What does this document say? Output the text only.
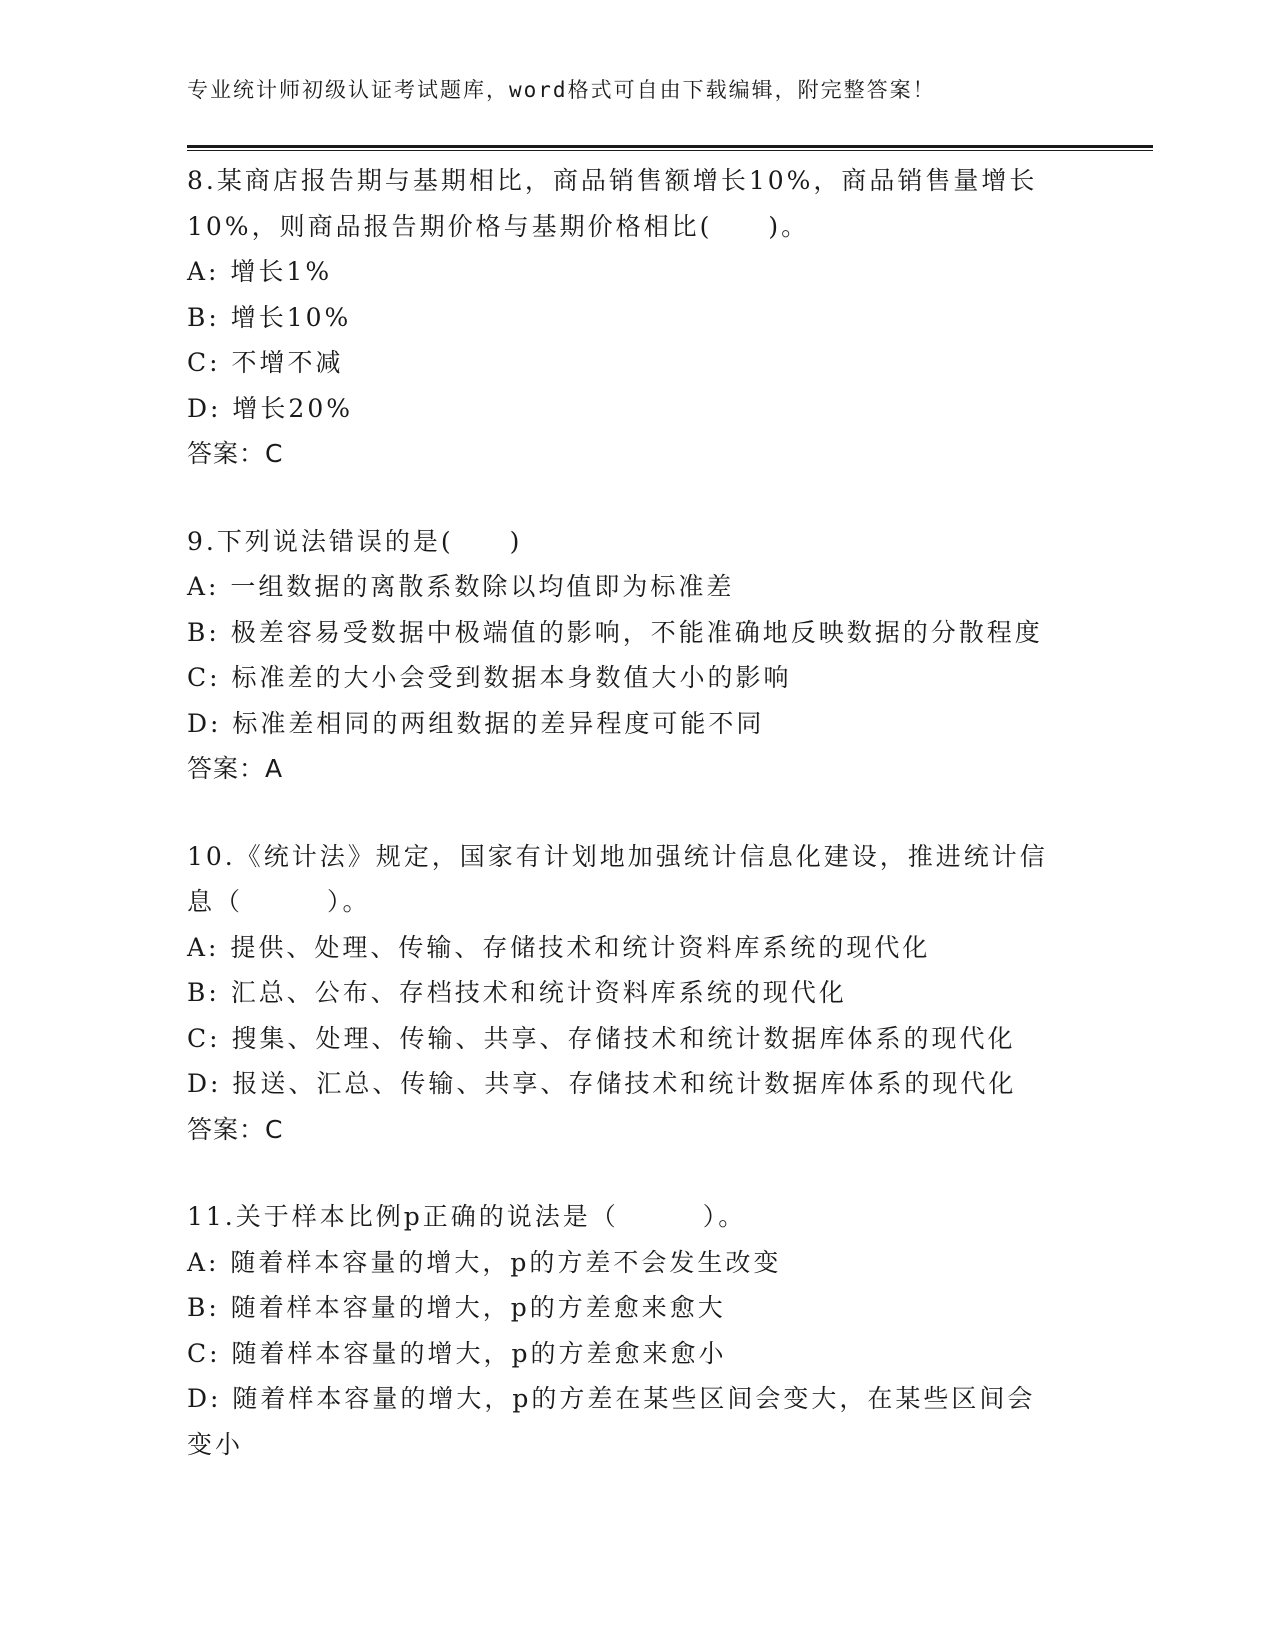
专业统计师初级认证考试题库，word格式可自由下载编辑，附完整答案！
8.某商店报告期与基期相比，商品销售额增长10%，商品销售量增长
10%，则商品报告期价格与基期价格相比(　　)。
A: 增长1%
B: 增长10%
C: 不增不减
D: 增长20%
答案：C
9.下列说法错误的是(　　)
A: 一组数据的离散系数除以均值即为标准差
B: 极差容易受数据中极端值的影响，不能准确地反映数据的分散程度
C: 标准差的大小会受到数据本身数值大小的影响
D: 标准差相同的两组数据的差异程度可能不同
答案：A
10.《统计法》规定，国家有计划地加强统计信息化建设，推进统计信
息（　　　）。
A: 提供、处理、传输、存储技术和统计资料库系统的现代化
B: 汇总、公布、存档技术和统计资料库系统的现代化
C: 搜集、处理、传输、共享、存储技术和统计数据库体系的现代化
D: 报送、汇总、传输、共享、存储技术和统计数据库体系的现代化
答案：C
11.关于样本比例p正确的说法是（　　　）。
A: 随着样本容量的增大，p的方差不会发生改变
B: 随着样本容量的增大，p的方差愈来愈大
C: 随着样本容量的增大，p的方差愈来愈小
D: 随着样本容量的增大，p的方差在某些区间会变大，在某些区间会
变小
